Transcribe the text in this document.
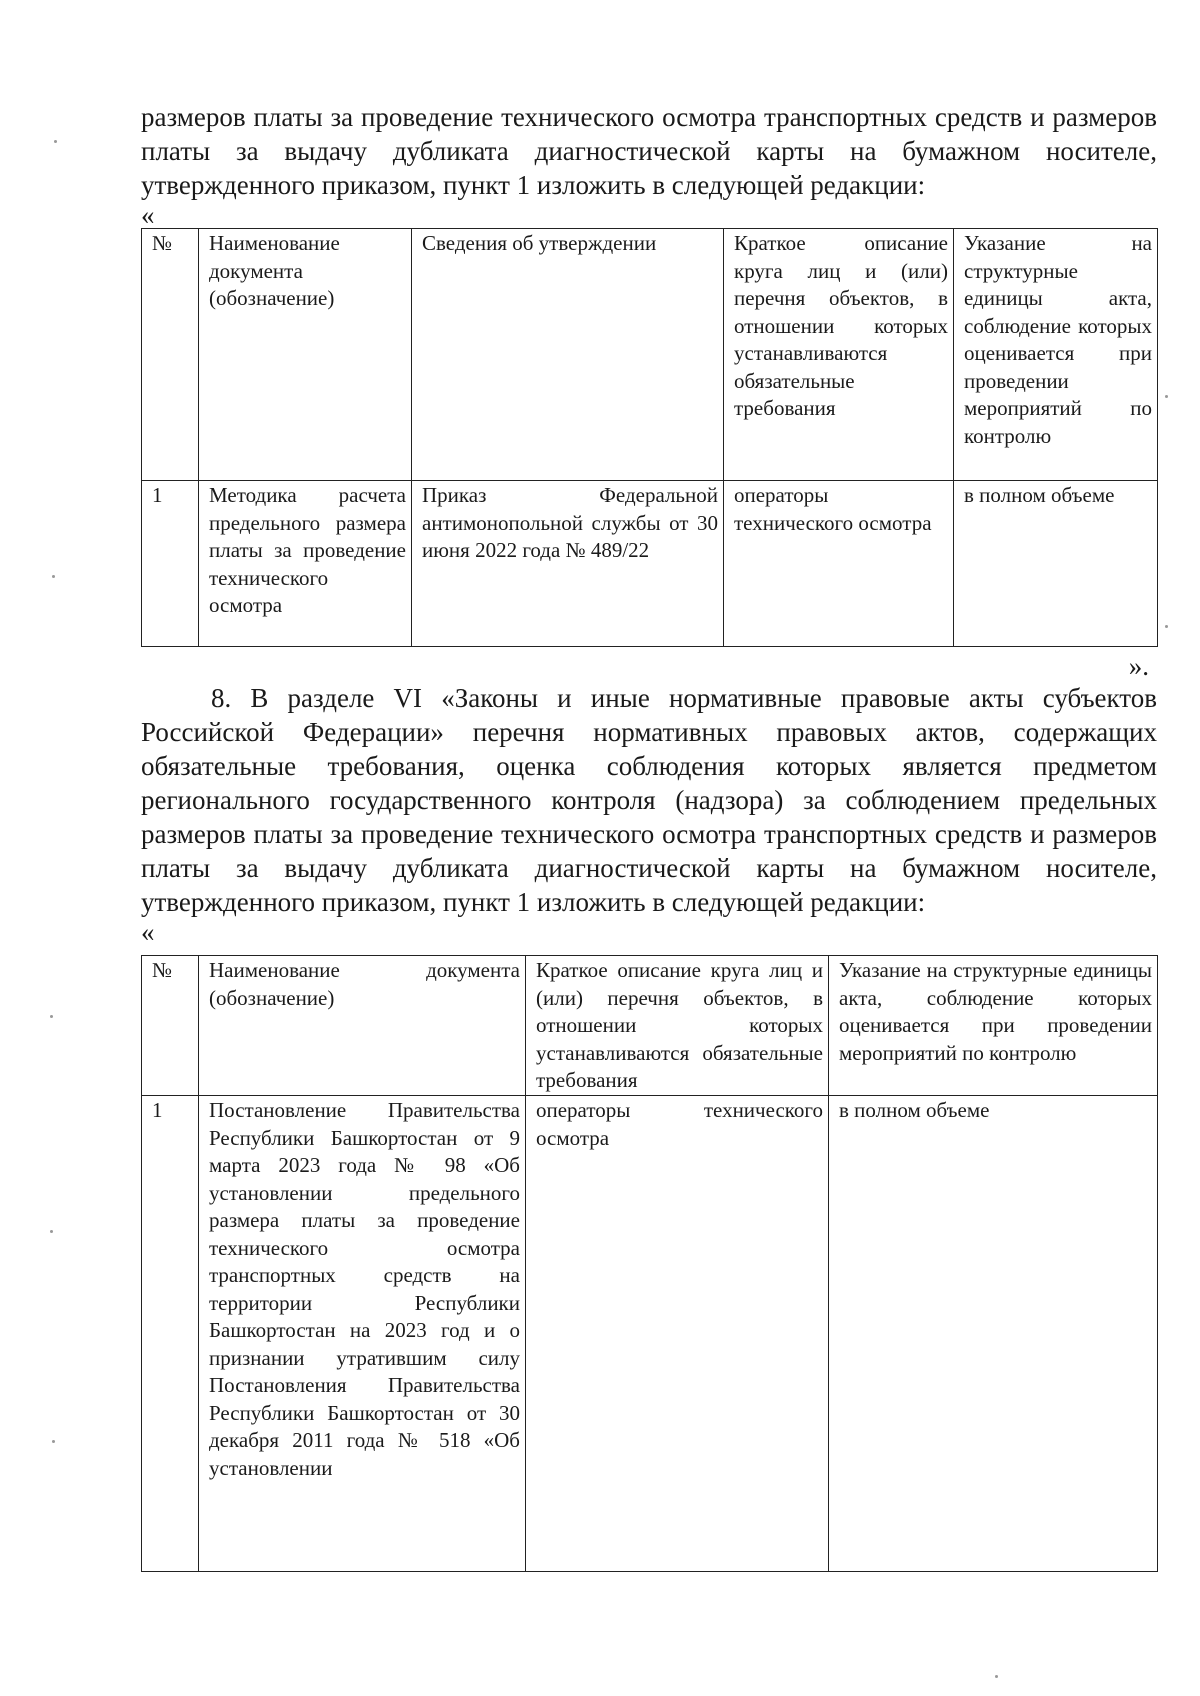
размеров платы за проведение технического осмотра транспортных средств и размеров платы за выдачу дубликата диагностической карты на бумажном носителе, утвержденного приказом, пункт 1 изложить в следующей редакции:

«
№	Наименование документа (обозначение)	Сведения об утверждении	Краткое описание круга лиц и (или) перечня объектов, в отношении которых устанавливаются обязательные требования	Указание на структурные единицы акта, соблюдение которых оценивается при проведении мероприятий по контролю
1	Методика расчета предельного размера платы за проведение технического осмотра	Приказ Федеральной антимонопольной службы от 30 июня 2022 года № 489/22	операторы технического осмотра	в полном объеме
».

8. В разделе VI «Законы и иные нормативные правовые акты субъектов Российской Федерации» перечня нормативных правовых актов, содержащих обязательные требования, оценка соблюдения которых является предметом регионального государственного контроля (надзора) за соблюдением предельных размеров платы за проведение технического осмотра транспортных средств и размеров платы за выдачу дубликата диагностической карты на бумажном носителе, утвержденного приказом, пункт 1 изложить в следующей редакции:

«
№	Наименование документа (обозначение)	Краткое описание круга лиц и (или) перечня объектов, в отношении которых устанавливаются обязательные требования	Указание на структурные единицы акта, соблюдение которых оценивается при проведении мероприятий по контролю
1	Постановление Правительства Республики Башкортостан от 9 марта 2023 года № 98 «Об установлении предельного размера платы за проведение технического осмотра транспортных средств на территории Республики Башкортостан на 2023 год и о признании утратившим силу Постановления Правительства Республики Башкортостан от 30 декабря 2011 года № 518 «Об установлении	операторы технического осмотра	в полном объеме
